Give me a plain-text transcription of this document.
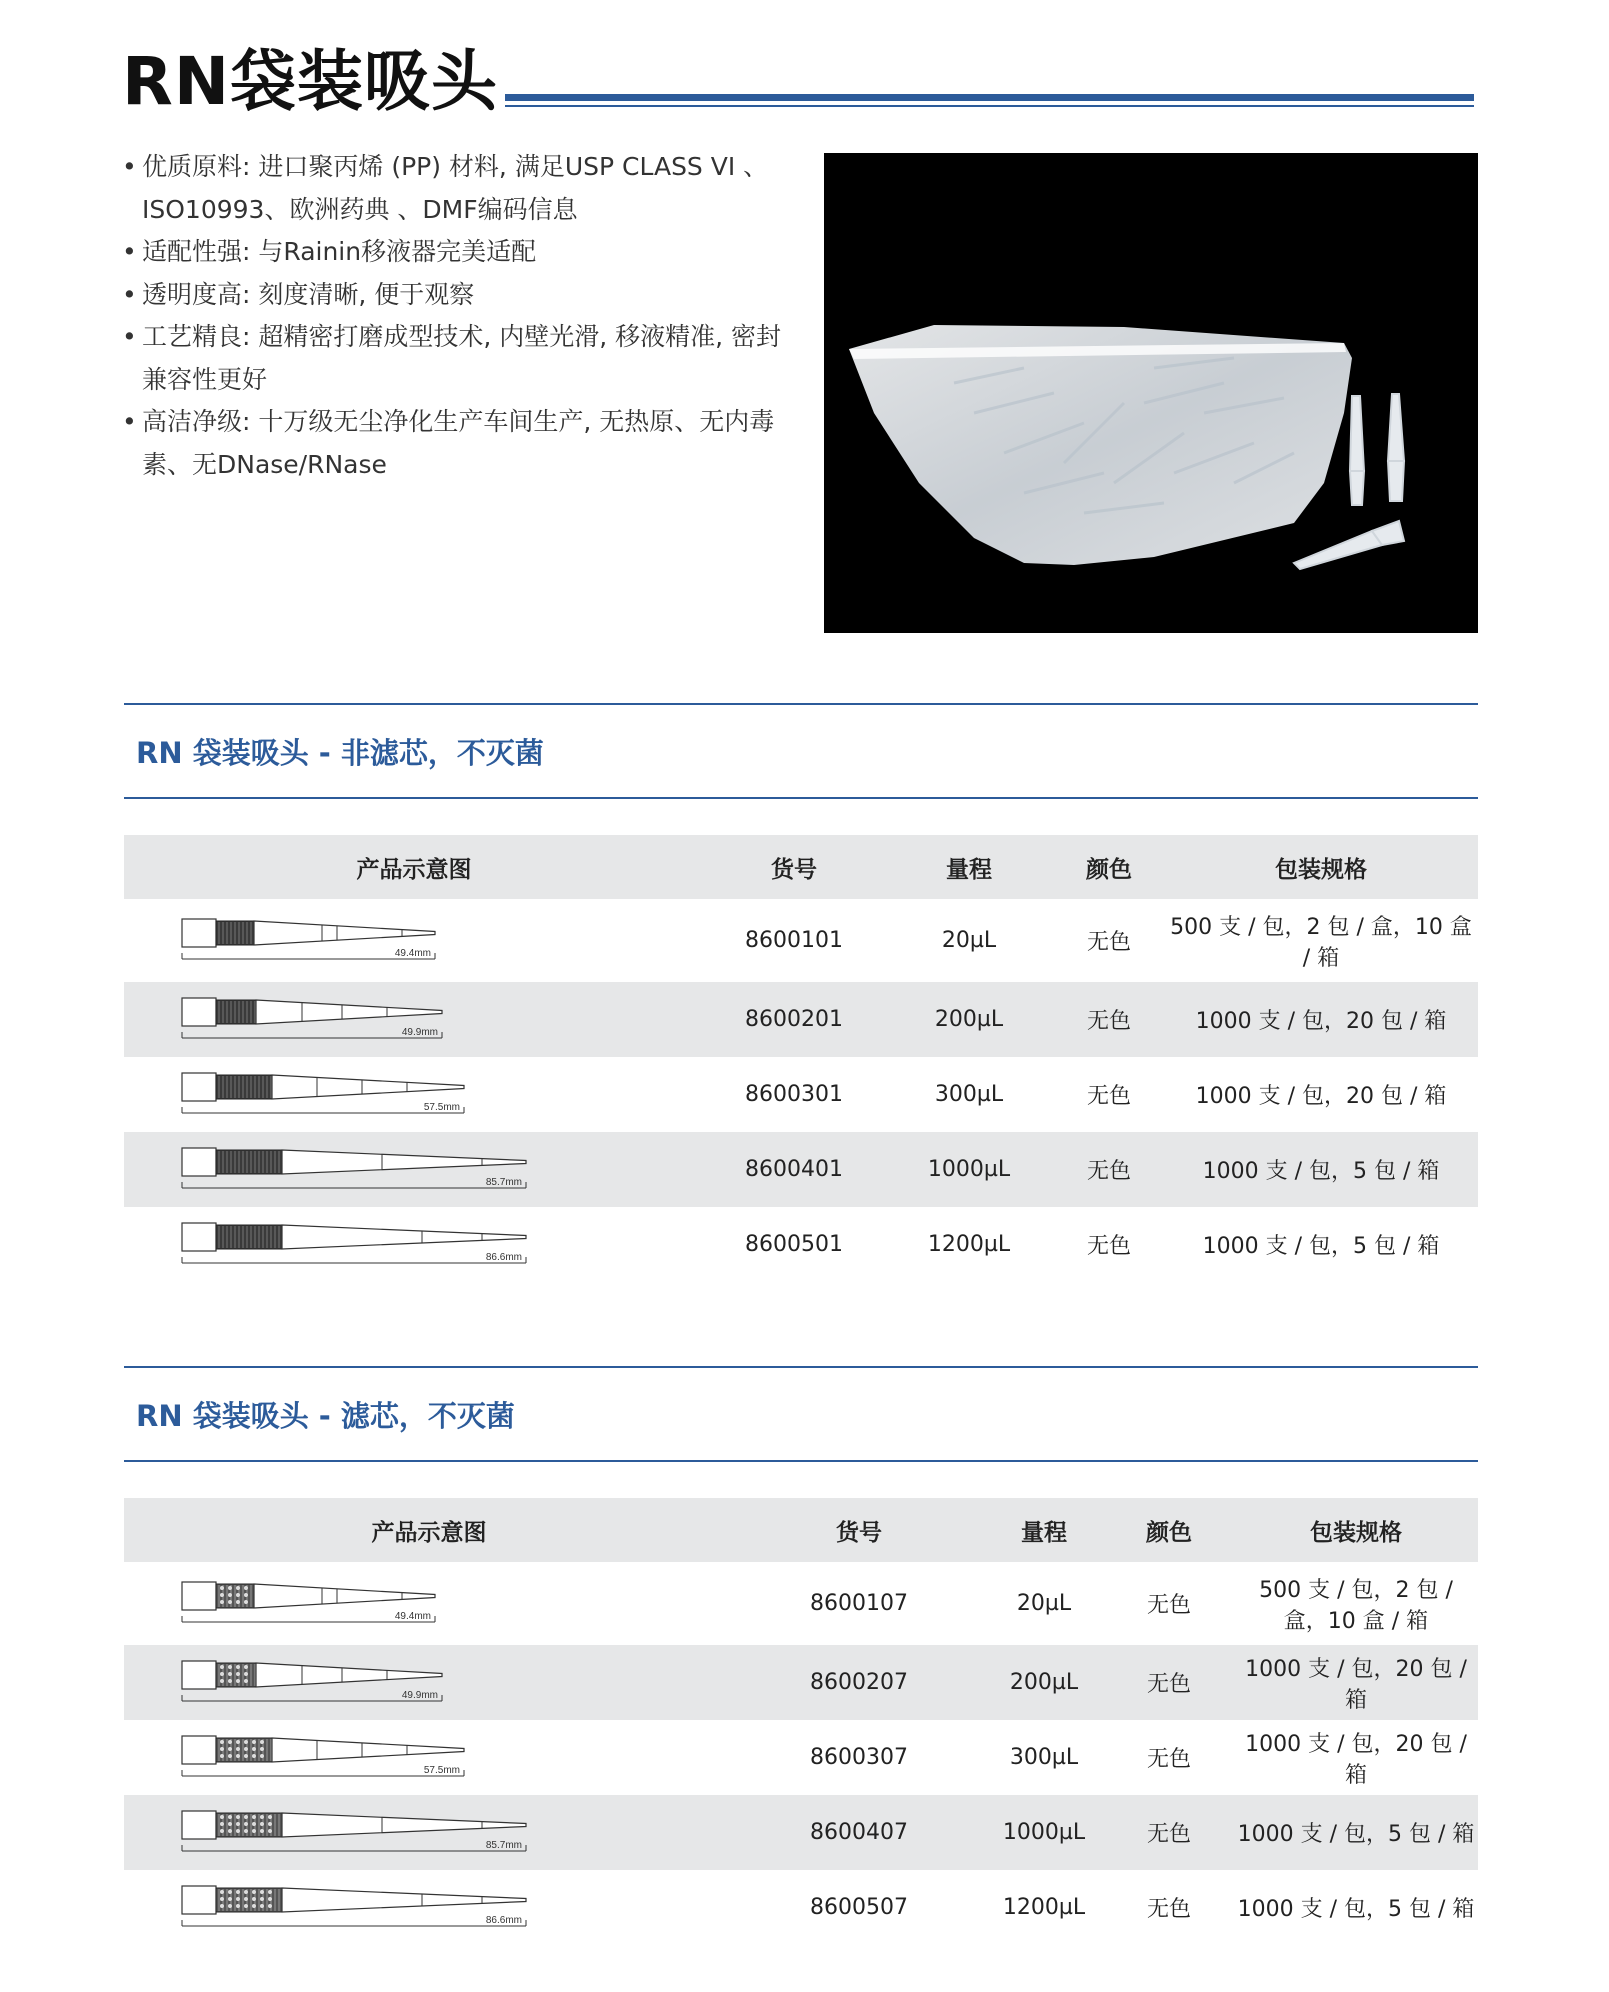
RN袋装吸头
• 优质原料: 进口聚丙烯 (PP) 材料, 满足USP CLASS VI 、ISO10993、欧洲药典 、DMF编码信息
• 适配性强: 与Rainin移液器完美适配
• 透明度高: 刻度清晰, 便于观察
• 工艺精良: 超精密打磨成型技术, 内壁光滑, 移液精准, 密封兼容性更好
• 高洁净级: 十万级无尘净化生产车间生产, 无热原、无内毒素、无DNase/RNase
RN 袋装吸头 - 非滤芯，不灭菌
产品示意图	货号	量程	颜色	包装规格

49.4mm	8600101	20µL	无色	500 支 / 包，2 包 / 盒，10 盒 / 箱

49.9mm	8600201	200µL	无色	1000 支 / 包，20 包 / 箱

57.5mm	8600301	300µL	无色	1000 支 / 包，20 包 / 箱

85.7mm	8600401	1000µL	无色	1000 支 / 包，5 包 / 箱

86.6mm	8600501	1200µL	无色	1000 支 / 包，5 包 / 箱
RN 袋装吸头 - 滤芯，不灭菌
产品示意图	货号	量程	颜色	包装规格

49.4mm	8600107	20µL	无色	500 支 / 包，2 包 / 盒，10 盒 / 箱

49.9mm	8600207	200µL	无色	1000 支 / 包，20 包 / 箱

57.5mm	8600307	300µL	无色	1000 支 / 包，20 包 / 箱

85.7mm	8600407	1000µL	无色	1000 支 / 包，5 包 / 箱

86.6mm	8600507	1200µL	无色	1000 支 / 包，5 包 / 箱
